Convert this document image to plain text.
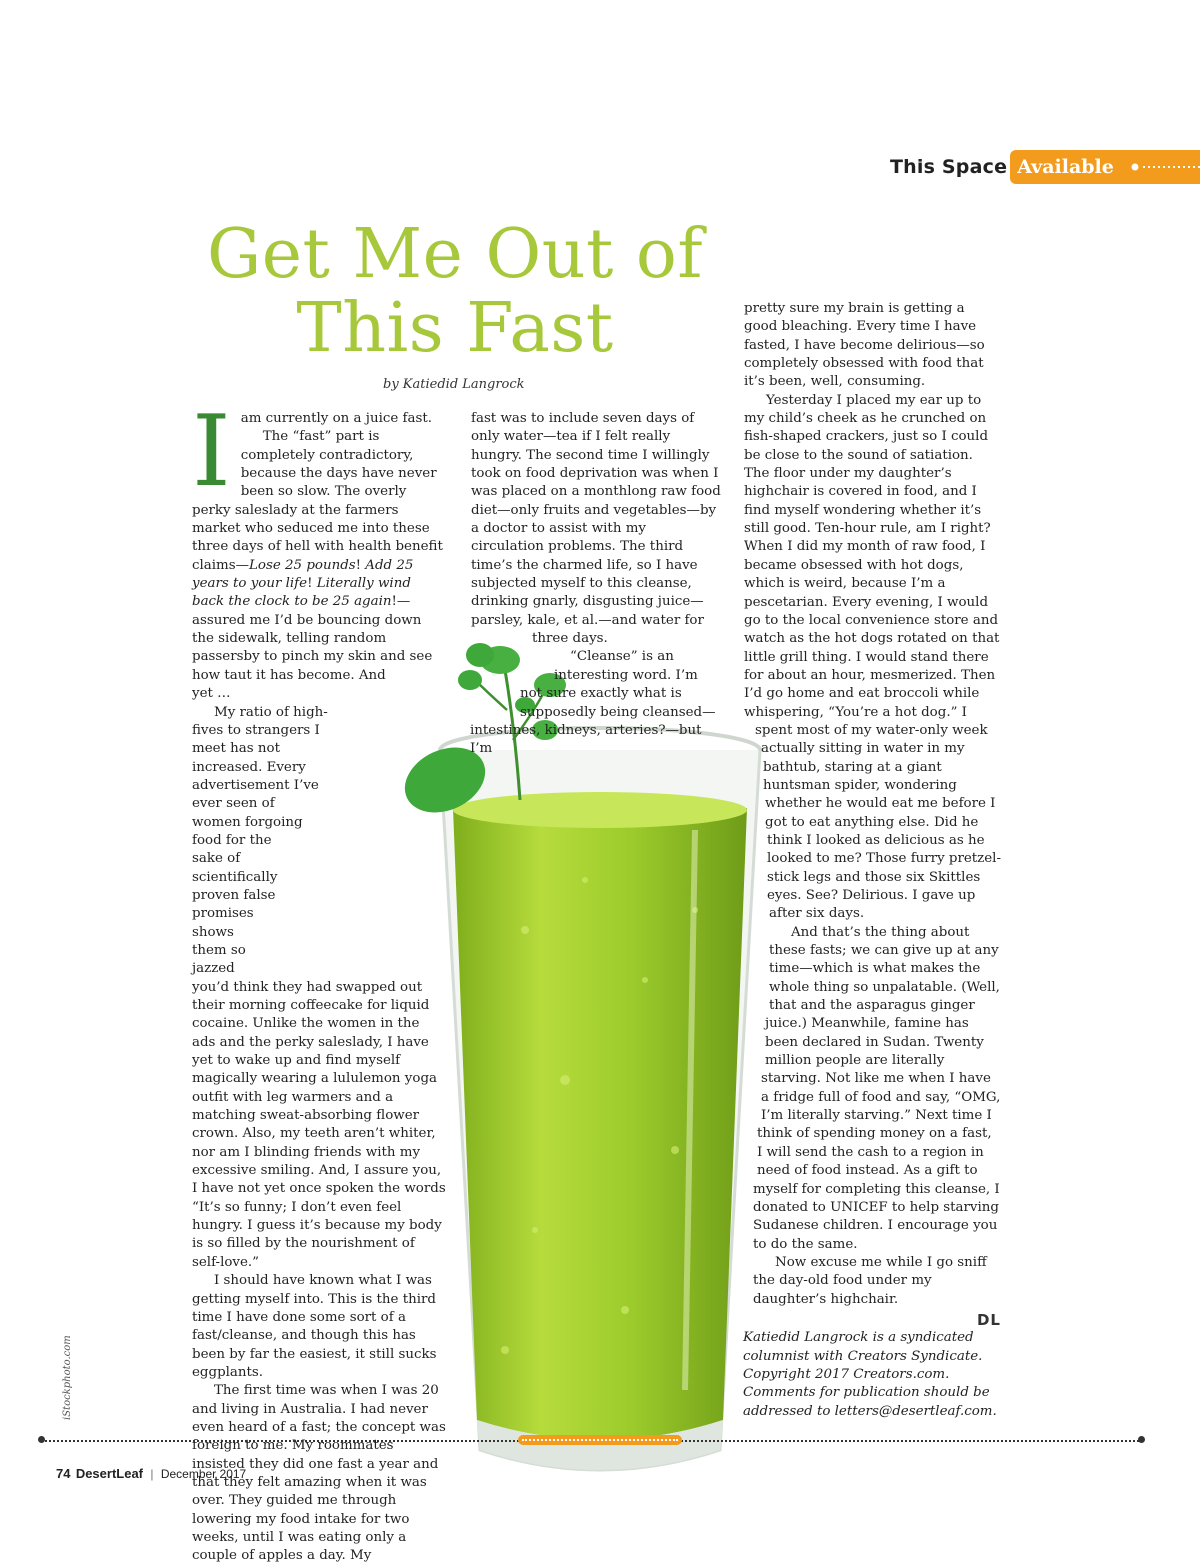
This Space Available
Get Me Out of
This Fast
by Katiedid Langrock
I am currently on a juice fast.

The “fast” part is completely contradictory, because the days have never been so slow. The overly perky saleslady at the farmers market who seduced me into these three days of hell with health benefit claims—Lose 25 pounds! Add 25 years to your life! Literally wind back the clock to be 25 again!—assured me I’d be bouncing down the sidewalk, telling random passersby to pinch my skin and see how taut it has become. And yet …

My ratio of high-fives to strangers I meet has not increased. Every advertisement I’ve ever seen of women forgoing food for the sake of scientifically proven false promises shows them so jazzed you’d think they had swapped out their morning coffeecake for liquid cocaine. Unlike the women in the ads and the perky saleslady, I have yet to wake up and find myself magically wearing a lululemon yoga outfit with leg warmers and a matching sweat-absorbing flower crown. Also, my teeth aren’t whiter, nor am I blinding friends with my excessive smiling. And, I assure you, I have not yet once spoken the words “It’s so funny; I don’t even feel hungry. I guess it’s because my body is so filled by the nourishment of self-love.”

I should have known what I was getting myself into. This is the third time I have done some sort of a fast/cleanse, and though this has been by far the easiest, it still sucks eggplants.

The first time was when I was 20 and living in Australia. I had never even heard of a fast; the concept was foreign to me. My roommates insisted they did one fast a year and that they felt amazing when it was over. They guided me through lowering my food intake for two weeks, until I was eating only a couple of apples a day. My

fast was to include seven days of only water—tea if I felt really hungry. The second time I willingly took on food deprivation was when I was placed on a monthlong raw food diet—only fruits and vegetables—by a doctor to assist with my circulation problems. The third time’s the charmed life, so I have subjected myself to this cleanse, drinking gnarly, disgusting juice—parsley, kale, et al.—and water for three days.

“Cleanse” is an interesting word. I’m not sure exactly what is supposedly being cleansed—intestines, kidneys, arteries?—but I’m

pretty sure my brain is getting a good bleaching. Every time I have fasted, I have become delirious—so completely obsessed with food that it’s been, well, consuming.

Yesterday I placed my ear up to my child’s cheek as he crunched on fish-shaped crackers, just so I could be close to the sound of satiation. The floor under my daughter’s highchair is covered in food, and I find myself wondering whether it’s still good. Ten-hour rule, am I right? When I did my month of raw food, I became obsessed with hot dogs, which is weird, because I’m a pescetarian. Every evening, I would go to the local convenience store and watch as the hot dogs rotated on that little grill thing. I would stand there for about an hour, mesmerized. Then I’d go home and eat broccoli while whispering, “You’re a hot dog.” I spent most of my water-only week actually sitting in water in my bathtub, staring at a giant huntsman spider, wondering whether he would eat me before I got to eat anything else. Did he think I looked as delicious as he looked to me? Those furry pretzel-stick legs and those six Skittles eyes. See? Delirious. I gave up after six days.

And that’s the thing about these fasts; we can give up at any time—which is what makes the whole thing so unpalatable. (Well, that and the asparagus ginger juice.) Meanwhile, famine has been declared in Sudan. Twenty million people are literally starving. Not like me when I have a fridge full of food and say, “OMG, I’m literally starving.” Next time I think of spending money on a fast, I will send the cash to a region in need of food instead. As a gift to myself for completing this cleanse, I donated to UNICEF to help starving Sudanese children. I encourage you to do the same.

Now excuse me while I go sniff the day-old food under my daughter’s highchair.

DL

Katiedid Langrock is a syndicated columnist with Creators Syndicate. Copyright 2017 Creators.com. Comments for publication should be addressed to letters@desertleaf.com.

iStockphoto.com
74 DesertLeaf | December 2017
